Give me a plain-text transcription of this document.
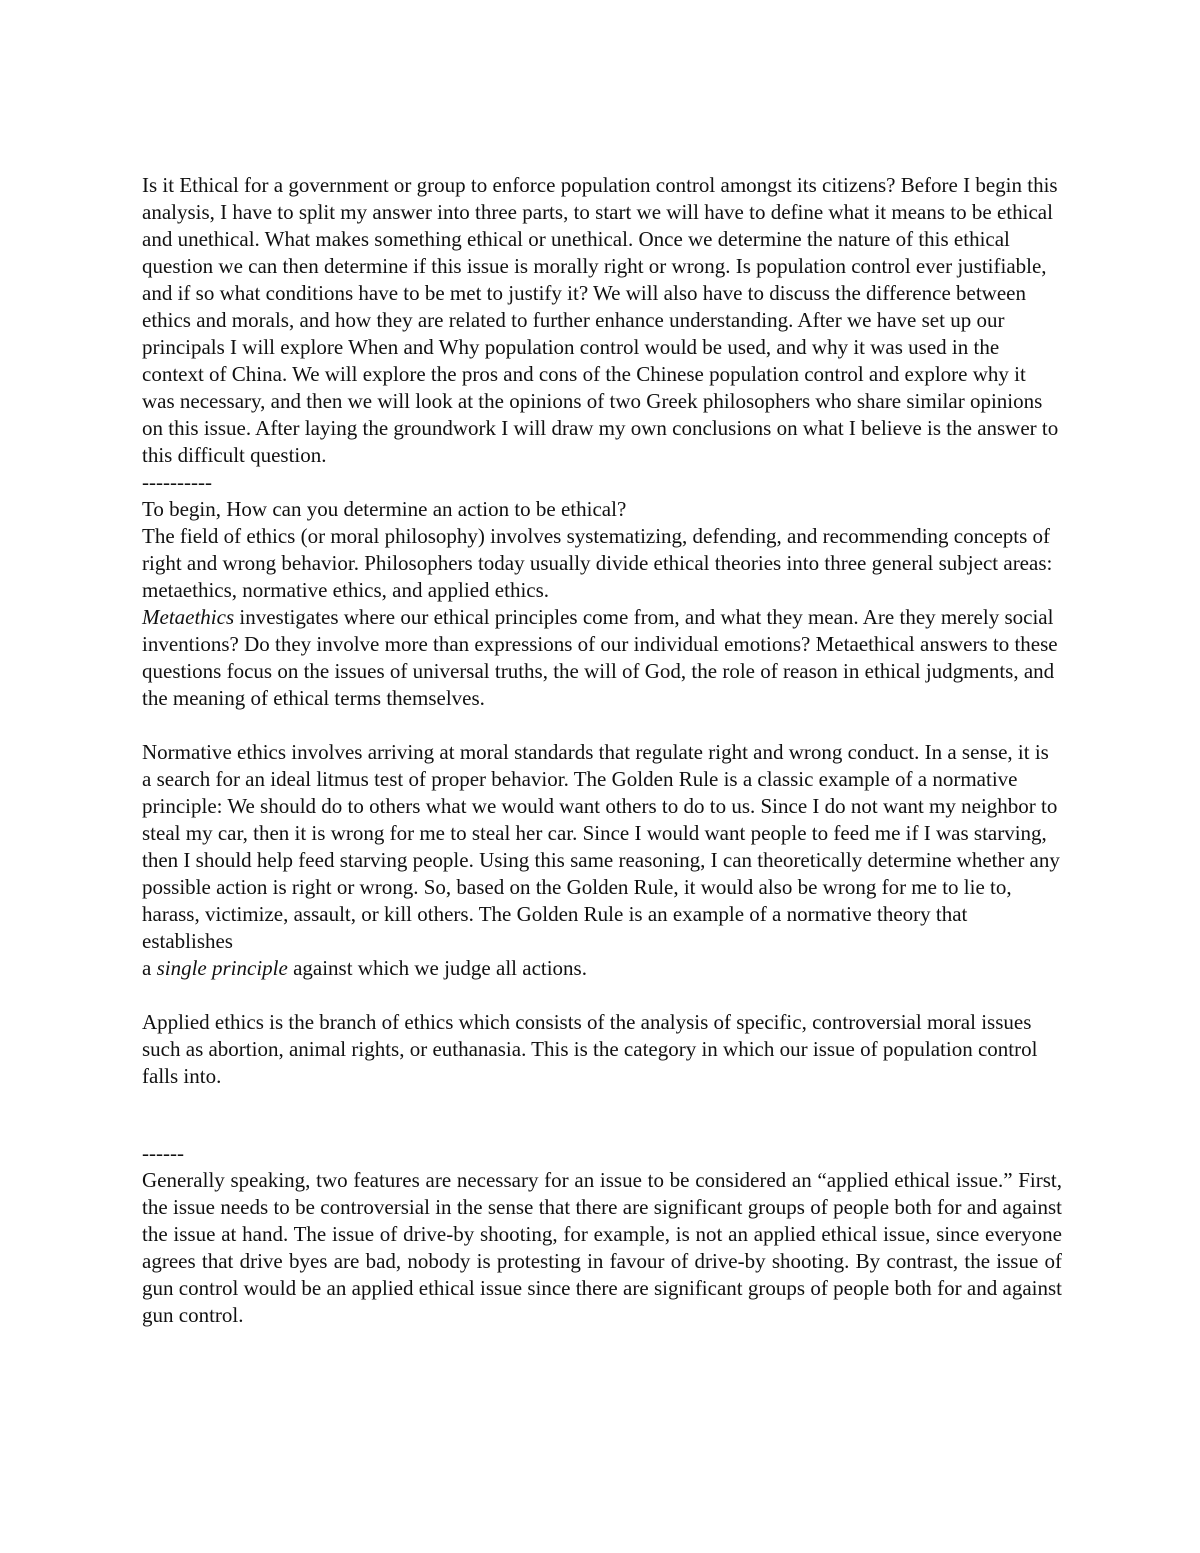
Is it Ethical for a government or group to enforce population control amongst its citizens? Before I begin this analysis, I have to split my answer into three parts, to start we will have to define what it means to be ethical and unethical. What makes something ethical or unethical. Once we determine the nature of this ethical question we can then determine if this issue is morally right or wrong. Is population control ever justifiable, and if so what conditions have to be met to justify it? We will also have to discuss the difference between ethics and morals, and how they are related to further enhance understanding. After we have set up our principals I will explore When and Why population control would be used, and why it was used in the context of China. We will explore the pros and cons of the Chinese population control and explore why it was necessary, and then we will look at the opinions of two Greek philosophers who share similar opinions on this issue. After laying the groundwork I will draw my own conclusions on what I believe is the answer to this difficult question.

----------

To begin, How can you determine an action to be ethical?

The field of ethics (or moral philosophy) involves systematizing, defending, and recommending concepts of right and wrong behavior. Philosophers today usually divide ethical theories into three general subject areas: metaethics, normative ethics, and applied ethics.

Metaethics investigates where our ethical principles come from, and what they mean. Are they merely social inventions? Do they involve more than expressions of our individual emotions? Metaethical answers to these questions focus on the issues of universal truths, the will of God, the role of reason in ethical judgments, and the meaning of ethical terms themselves.

Normative ethics involves arriving at moral standards that regulate right and wrong conduct. In a sense, it is a search for an ideal litmus test of proper behavior. The Golden Rule is a classic example of a normative principle: We should do to others what we would want others to do to us. Since I do not want my neighbor to steal my car, then it is wrong for me to steal her car. Since I would want people to feed me if I was starving, then I should help feed starving people. Using this same reasoning, I can theoretically determine whether any possible action is right or wrong. So, based on the Golden Rule, it would also be wrong for me to lie to, harass, victimize, assault, or kill others. The Golden Rule is an example of a normative theory that establishes

a single principle against which we judge all actions.

Applied ethics is the branch of ethics which consists of the analysis of specific, controversial moral issues such as abortion, animal rights, or euthanasia. This is the category in which our issue of population control falls into.

------

Generally speaking, two features are necessary for an issue to be considered an “applied ethical issue.” First, the issue needs to be controversial in the sense that there are significant groups of people both for and against the issue at hand. The issue of drive-by shooting, for example, is not an applied ethical issue, since everyone agrees that drive byes are bad, nobody is protesting in favour of drive-by shooting. By contrast, the issue of gun control would be an applied ethical issue since there are significant groups of people both for and against gun control.
